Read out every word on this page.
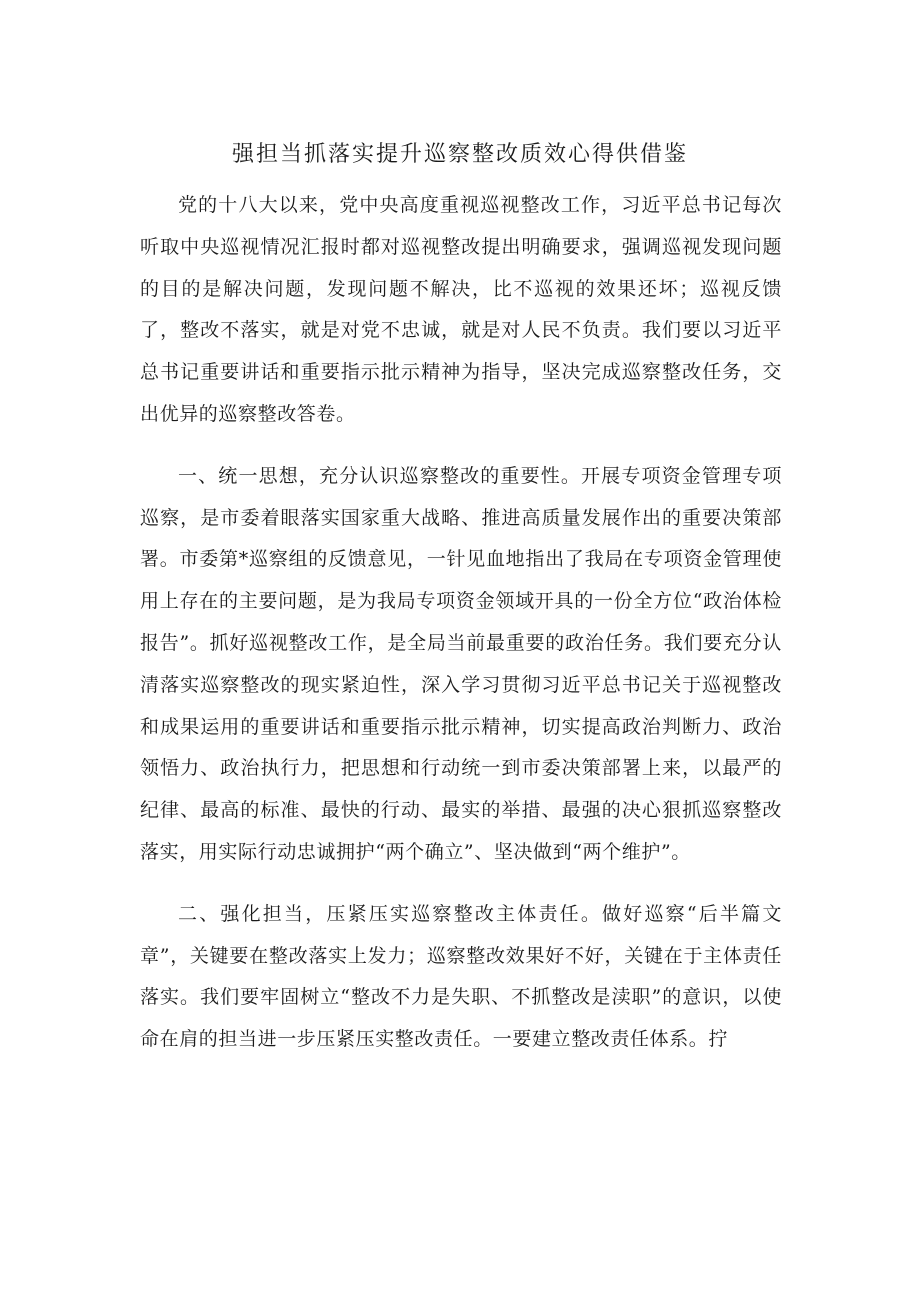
强担当抓落实提升巡察整改质效心得供借鉴

党的十八大以来，党中央高度重视巡视整改工作，习近平总书记每次听取中央巡视情况汇报时都对巡视整改提出明确要求，强调巡视发现问题的目的是解决问题，发现问题不解决，比不巡视的效果还坏；巡视反馈了，整改不落实，就是对党不忠诚，就是对人民不负责。我们要以习近平总书记重要讲话和重要指示批示精神为指导，坚决完成巡察整改任务，交出优异的巡察整改答卷。

一、统一思想，充分认识巡察整改的重要性。开展专项资金管理专项巡察，是市委着眼落实国家重大战略、推进高质量发展作出的重要决策部署。市委第*巡察组的反馈意见，一针见血地指出了我局在专项资金管理使用上存在的主要问题，是为我局专项资金领域开具的一份全方位“政治体检报告”。抓好巡视整改工作，是全局当前最重要的政治任务。我们要充分认清落实巡察整改的现实紧迫性，深入学习贯彻习近平总书记关于巡视整改和成果运用的重要讲话和重要指示批示精神，切实提高政治判断力、政治领悟力、政治执行力，把思想和行动统一到市委决策部署上来，以最严的纪律、最高的标准、最快的行动、最实的举措、最强的决心狠抓巡察整改落实，用实际行动忠诚拥护“两个确立”、坚决做到“两个维护”。

二、强化担当，压紧压实巡察整改主体责任。做好巡察“后半篇文章”，关键要在整改落实上发力；巡察整改效果好不好，关键在于主体责任落实。我们要牢固树立“整改不力是失职、不抓整改是渎职”的意识，以使命在肩的担当进一步压紧压实整改责任。一要建立整改责任体系。拧
